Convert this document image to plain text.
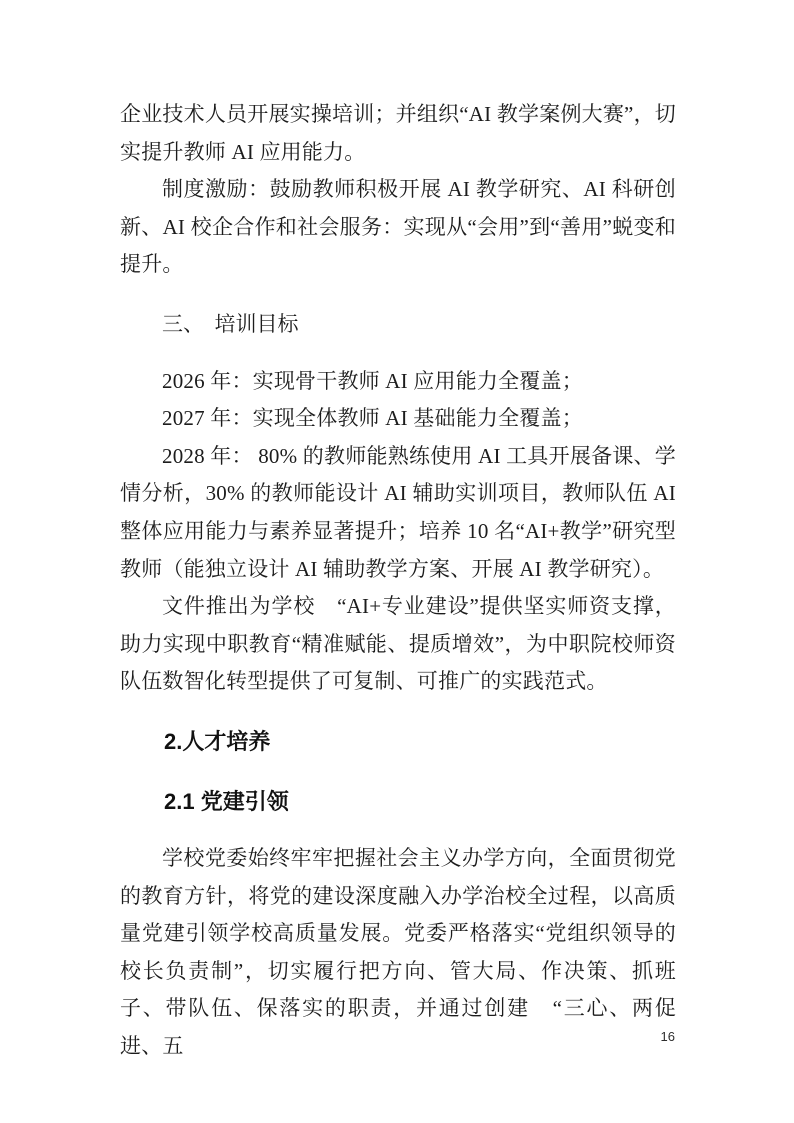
企业技术人员开展实操培训；并组织“AI 教学案例大赛”，切实提升教师 AI 应用能力。

制度激励：鼓励教师积极开展 AI 教学研究、AI 科研创新、AI 校企合作和社会服务：实现从“会用”到“善用”蜕变和提升。

三、　培训目标

2026 年：实现骨干教师 AI 应用能力全覆盖；

2027 年：实现全体教师 AI 基础能力全覆盖；

2028 年： 80% 的教师能熟练使用 AI 工具开展备课、学情分析，30% 的教师能设计 AI 辅助实训项目，教师队伍 AI 整体应用能力与素养显著提升；培养 10 名“AI+教学”研究型教师（能独立设计 AI 辅助教学方案、开展 AI 教学研究）。

文件推出为学校　“AI+专业建设”提供坚实师资支撑，助力实现中职教育“精准赋能、提质增效”，为中职院校师资队伍数智化转型提供了可复制、可推广的实践范式。

2.人才培养

2.1 党建引领

学校党委始终牢牢把握社会主义办学方向，全面贯彻党的教育方针，将党的建设深度融入办学治校全过程，以高质量党建引领学校高质量发展。党委严格落实“党组织领导的校长负责制”，切实履行把方向、管大局、作决策、抓班子、带队伍、保落实的职责，并通过创建　“三心、两促进、五	16
